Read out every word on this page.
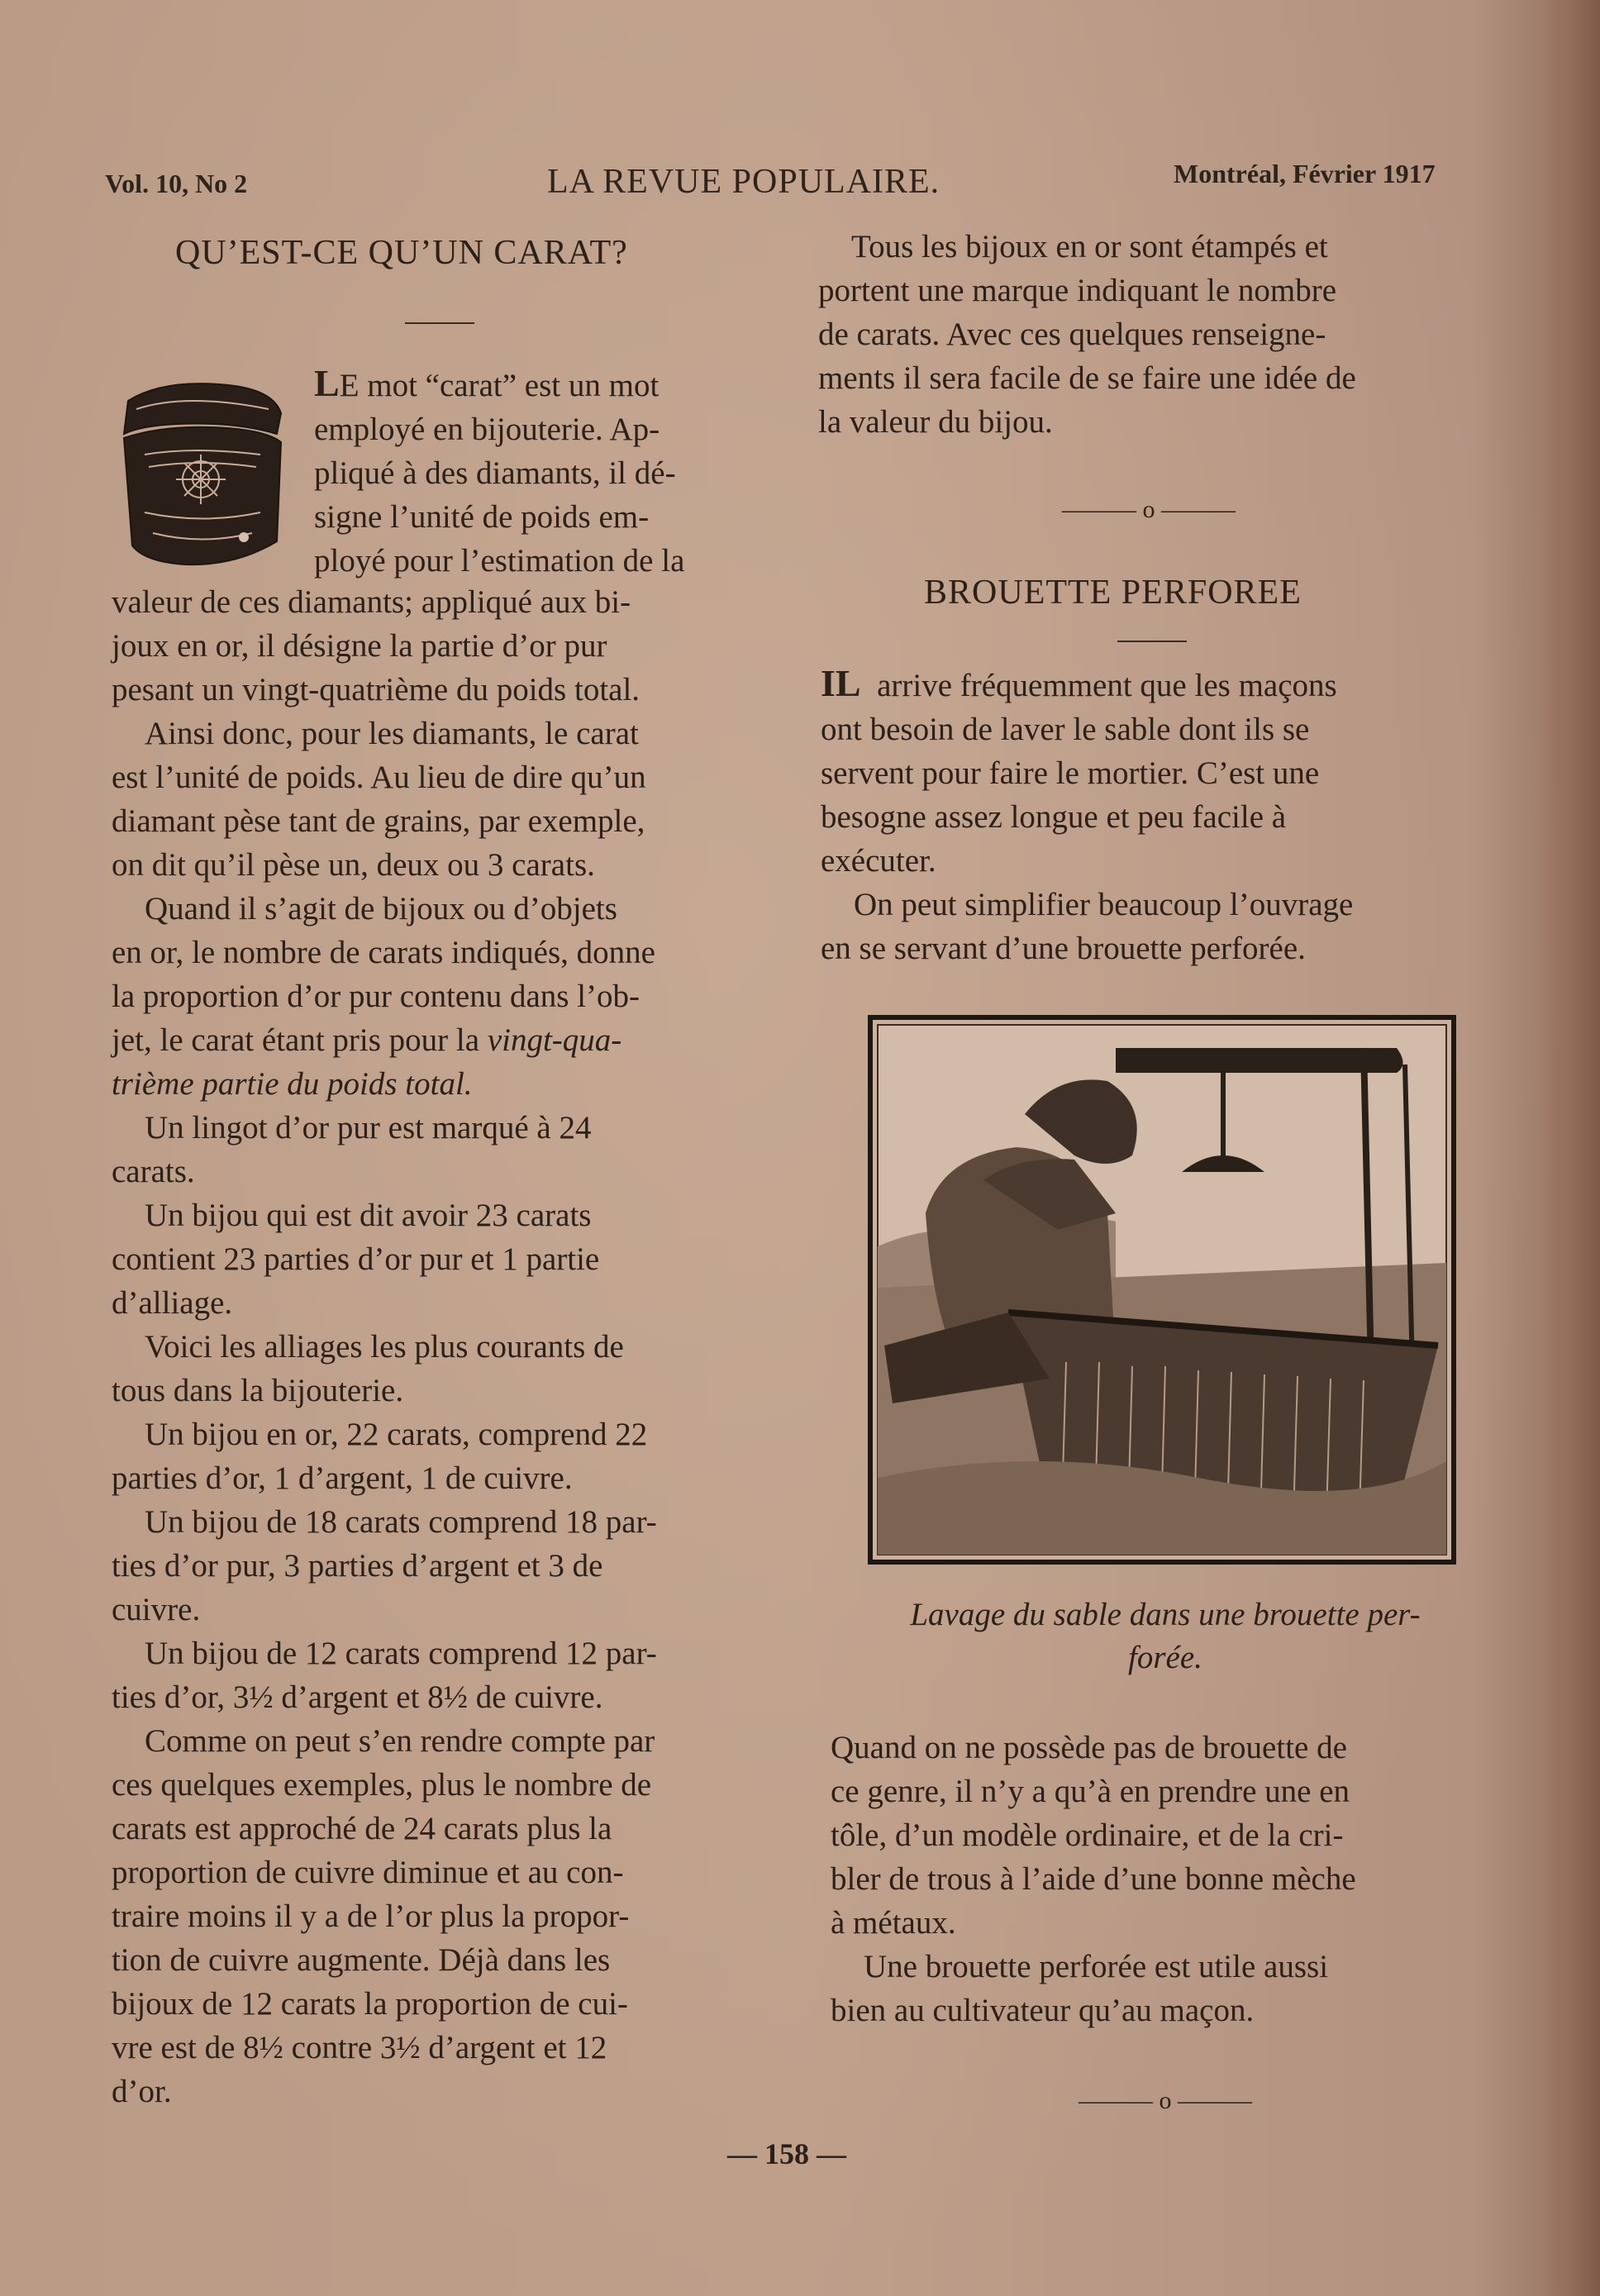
Vol. 10, No 2	LA REVUE POPULAIRE.	Montréal, Février 1917
QU’EST-CE QU’UN CARAT?
LE mot “carat” est un mot
employé en bijouterie. Ap-
pliqué à des diamants, il dé-
signe l’unité de poids em-
ployé pour l’estimation de la
valeur de ces diamants; appliqué aux bi-
joux en or, il désigne la partie d’or pur
pesant un vingt-quatrième du poids total.
Ainsi donc, pour les diamants, le carat
est l’unité de poids. Au lieu de dire qu’un
diamant pèse tant de grains, par exemple,
on dit qu’il pèse un, deux ou 3 carats.
Quand il s’agit de bijoux ou d’objets
en or, le nombre de carats indiqués, donne
la proportion d’or pur contenu dans l’ob-
jet, le carat étant pris pour la vingt-qua-
trième partie du poids total.
Un lingot d’or pur est marqué à 24
carats.
Un bijou qui est dit avoir 23 carats
contient 23 parties d’or pur et 1 partie
d’alliage.
Voici les alliages les plus courants de
tous dans la bijouterie.
Un bijou en or, 22 carats, comprend 22
parties d’or, 1 d’argent, 1 de cuivre.
Un bijou de 18 carats comprend 18 par-
ties d’or pur, 3 parties d’argent et 3 de
cuivre.
Un bijou de 12 carats comprend 12 par-
ties d’or, 3½ d’argent et 8½ de cuivre.
Comme on peut s’en rendre compte par
ces quelques exemples, plus le nombre de
carats est approché de 24 carats plus la
proportion de cuivre diminue et au con-
traire moins il y a de l’or plus la propor-
tion de cuivre augmente. Déjà dans les
bijoux de 12 carats la proportion de cui-
vre est de 8½ contre 3½ d’argent et 12
d’or.
Tous les bijoux en or sont étampés et
portent une marque indiquant le nombre
de carats. Avec ces quelques renseigne-
ments il sera facile de se faire une idée de
la valeur du bijou.
——— o ———
BROUETTE PERFOREE
IL arrive fréquemment que les maçons
ont besoin de laver le sable dont ils se
servent pour faire le mortier. C’est une
besogne assez longue et peu facile à
exécuter.
On peut simplifier beaucoup l’ouvrage
en se servant d’une brouette perforée.
Lavage du sable dans une brouette per-
forée.
Quand on ne possède pas de brouette de
ce genre, il n’y a qu’à en prendre une en
tôle, d’un modèle ordinaire, et de la cri-
bler de trous à l’aide d’une bonne mèche
à métaux.
Une brouette perforée est utile aussi
bien au cultivateur qu’au maçon.
——— o ———
— 158 —
